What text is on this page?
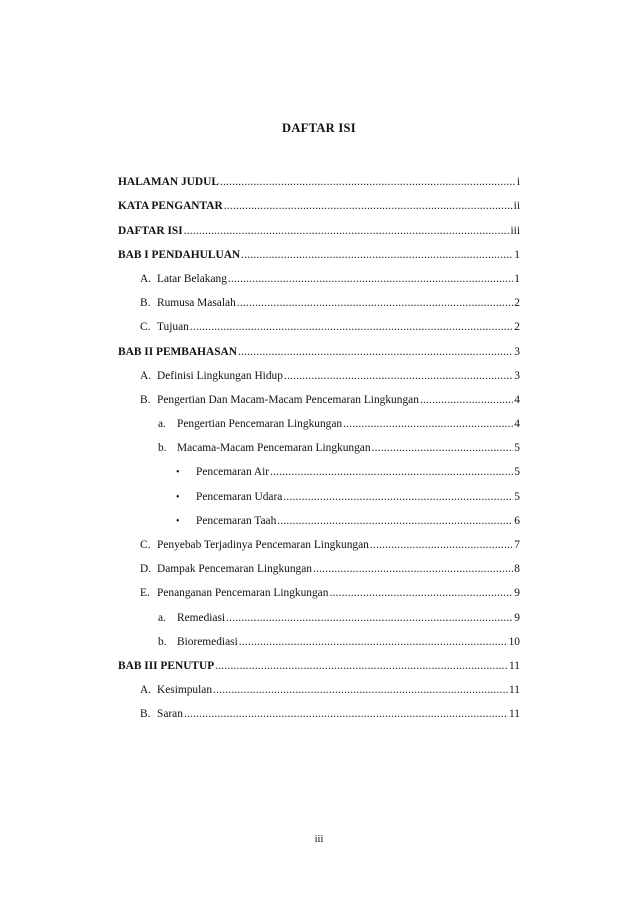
DAFTAR ISI
HALAMAN JUDUL .....	i
KATA PENGANTAR .....	ii
DAFTAR ISI .....	iii
BAB I PENDAHULUAN .....	1
A. Latar Belakang .....	1
B. Rumusa Masalah .....	2
C. Tujuan .....	2
BAB II PEMBAHASAN .....	3
A. Definisi Lingkungan Hidup .....	3
B. Pengertian Dan Macam-Macam Pencemaran Lingkungan .....	4
a. Pengertian Pencemaran Lingkungan .....	4
b. Macama-Macam Pencemaran Lingkungan .....	5
• Pencemaran Air .....	5
• Pencemaran Udara .....	5
• Pencemaran Taah .....	6
C. Penyebab Terjadinya Pencemaran Lingkungan .....	7
D. Dampak Pencemaran Lingkungan .....	8
E. Penanganan Pencemaran Lingkungan .....	9
a. Remediasi .....	9
b. Bioremediasi .....	10
BAB III PENUTUP .....	11
A. Kesimpulan .....	11
B. Saran .....	11
iii
